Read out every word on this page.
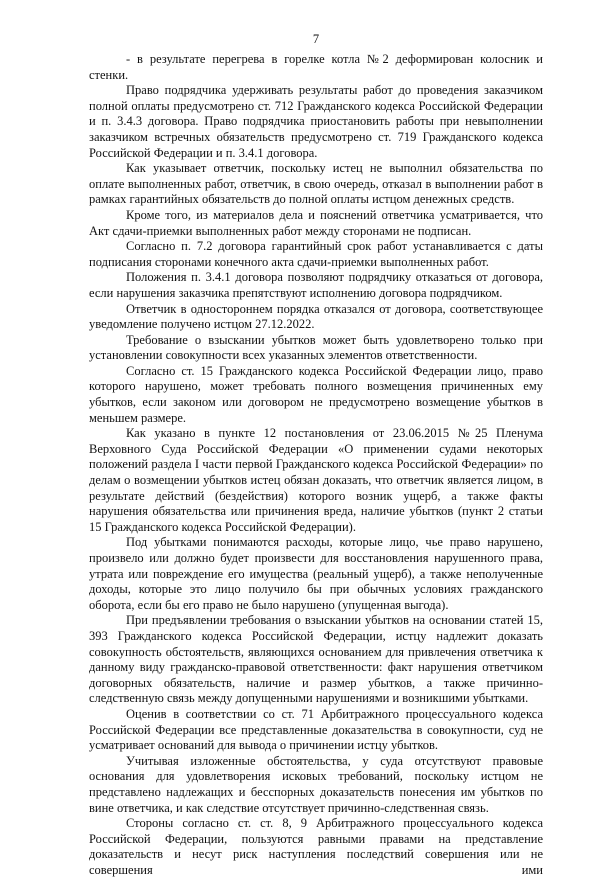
7

- в результате перегрева в горелке котла №2 деформирован колосник и стенки.

Право подрядчика удерживать результаты работ до проведения заказчиком полной оплаты предусмотрено ст. 712 Гражданского кодекса Российской Федерации и п. 3.4.3 договора. Право подрядчика приостановить работы при невыполнении заказчиком встречных обязательств предусмотрено ст. 719 Гражданского кодекса Российской Федерации и п. 3.4.1 договора.

Как указывает ответчик, поскольку истец не выполнил обязательства по оплате выполненных работ, ответчик, в свою очередь, отказал в выполнении работ в рамках гарантийных обязательств до полной оплаты истцом денежных средств.

Кроме того, из материалов дела и пояснений ответчика усматривается, что Акт сдачи-приемки выполненных работ между сторонами не подписан.

Согласно п. 7.2 договора гарантийный срок работ устанавливается с даты подписания сторонами конечного акта сдачи-приемки выполненных работ.

Положения п. 3.4.1 договора позволяют подрядчику отказаться от договора, если нарушения заказчика препятствуют исполнению договора подрядчиком.

Ответчик в одностороннем порядка отказался от договора, соответствующее уведомление получено истцом 27.12.2022.

Требование о взыскании убытков может быть удовлетворено только при установлении совокупности всех указанных элементов ответственности.

Согласно ст. 15 Гражданского кодекса Российской Федерации лицо, право которого нарушено, может требовать полного возмещения причиненных ему убытков, если законом или договором не предусмотрено возмещение убытков в меньшем размере.

Как указано в пункте 12 постановления от 23.06.2015 №25 Пленума Верховного Суда Российской Федерации «О применении судами некоторых положений раздела I части первой Гражданского кодекса Российской Федерации» по делам о возмещении убытков истец обязан доказать, что ответчик является лицом, в результате действий (бездействия) которого возник ущерб, а также факты нарушения обязательства или причинения вреда, наличие убытков (пункт 2 статьи 15 Гражданского кодекса Российской Федерации).

Под убытками понимаются расходы, которые лицо, чье право нарушено, произвело или должно будет произвести для восстановления нарушенного права, утрата или повреждение его имущества (реальный ущерб), а также неполученные доходы, которые это лицо получило бы при обычных условиях гражданского оборота, если бы его право не было нарушено (упущенная выгода).

При предъявлении требования о взыскании убытков на основании статей 15, 393 Гражданского кодекса Российской Федерации, истцу надлежит доказать совокупность обстоятельств, являющихся основанием для привлечения ответчика к данному виду гражданско-правовой ответственности: факт нарушения ответчиком договорных обязательств, наличие и размер убытков, а также причинно-следственную связь между допущенными нарушениями и возникшими убытками.

Оценив в соответствии со ст. 71 Арбитражного процессуального кодекса Российской Федерации все представленные доказательства в совокупности, суд не усматривает оснований для вывода о причинении истцу убытков.

Учитывая изложенные обстоятельства, у суда отсутствуют правовые основания для удовлетворения исковых требований, поскольку истцом не представлено надлежащих и бесспорных доказательств понесения им убытков по вине ответчика, и как следствие отсутствует причинно-следственная связь.

Стороны согласно ст. ст. 8, 9 Арбитражного процессуального кодекса Российской Федерации, пользуются равными правами на представление доказательств и несут риск наступления последствий совершения или не совершения ими
